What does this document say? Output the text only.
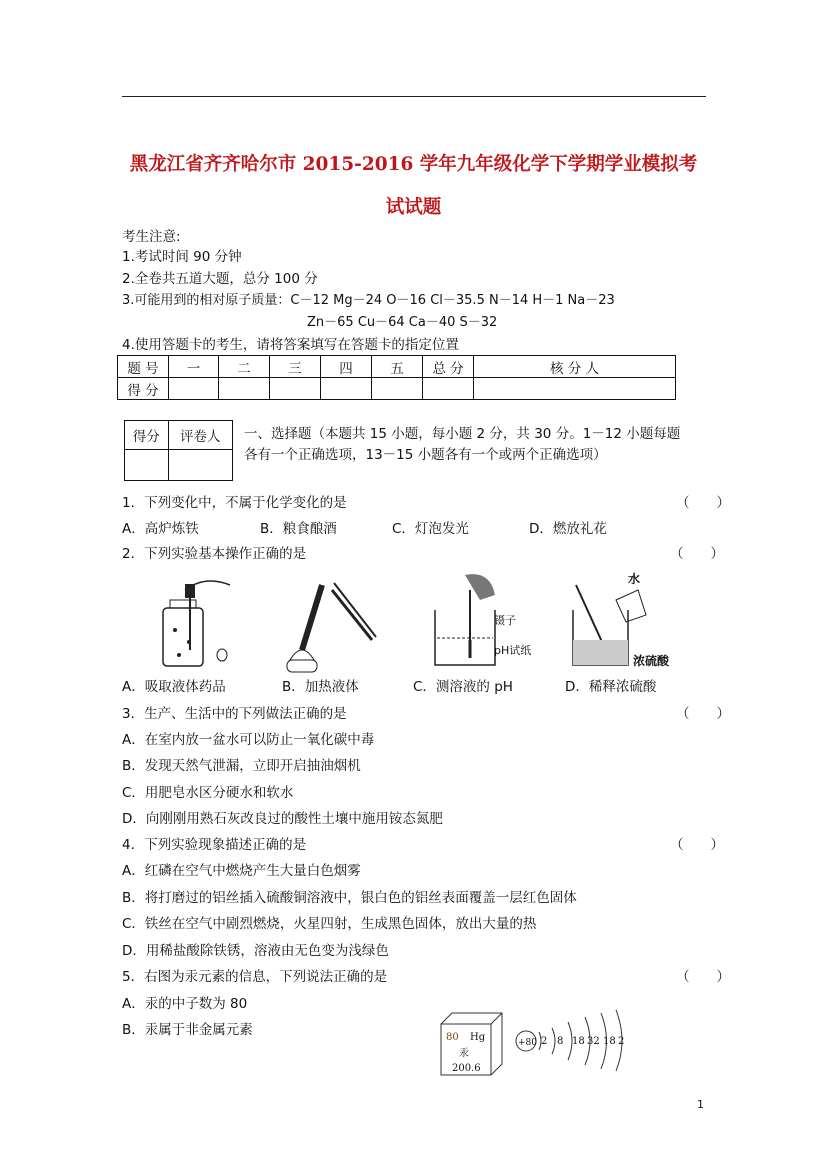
黑龙江省齐齐哈尔市 2015-2016 学年九年级化学下学期学业模拟考
试试题
考生注意:
1.考试时间 90 分钟
2.全卷共五道大题，总分 100 分
3.可能用到的相对原子质量：C－12 Mg－24 O－16 Cl－35.5 N－14 H－1 Na－23
Zn－65 Cu－64 Ca－40 S－32
4.使用答题卡的考生，请将答案填写在答题卡的指定位置
题 号	一	二	三	四	五	总 分	核 分 人
得 分							
得分	评卷人
	一、选择题（本题共 15 小题，每小题 2 分，共 30 分。1－12 小题每题
各有一个正确选项，13－15 小题各有一个或两个正确选项）
1．下列变化中，不属于化学变化的是	（　　）
A．高炉炼铁	B．粮食酿酒	C．灯泡发光	D．燃放礼花
2．下列实验基本操作正确的是	（　　）
镊子
pH试纸
水
浓硫酸
A．吸取液体药品	B．加热液体	C．测溶液的 pH	D．稀释浓硫酸
3．生产、生活中的下列做法正确的是	（　　）
A．在室内放一盆水可以防止一氧化碳中毒
B．发现天然气泄漏，立即开启抽油烟机
C．用肥皂水区分硬水和软水
D．向刚刚用熟石灰改良过的酸性土壤中施用铵态氮肥
4．下列实验现象描述正确的是	（　　）
A．红磷在空气中燃烧产生大量白色烟雾
B．将打磨过的铝丝插入硫酸铜溶液中，银白色的铝丝表面覆盖一层红色固体
C．铁丝在空气中剧烈燃烧，火星四射，生成黑色固体，放出大量的热
D．用稀盐酸除铁锈，溶液由无色变为浅绿色
5．右图为汞元素的信息，下列说法正确的是	（　　）
A．汞的中子数为 80
B．汞属于非金属元素	80 Hg
汞
200.6
+80 2 8 18 32 18 2
1
